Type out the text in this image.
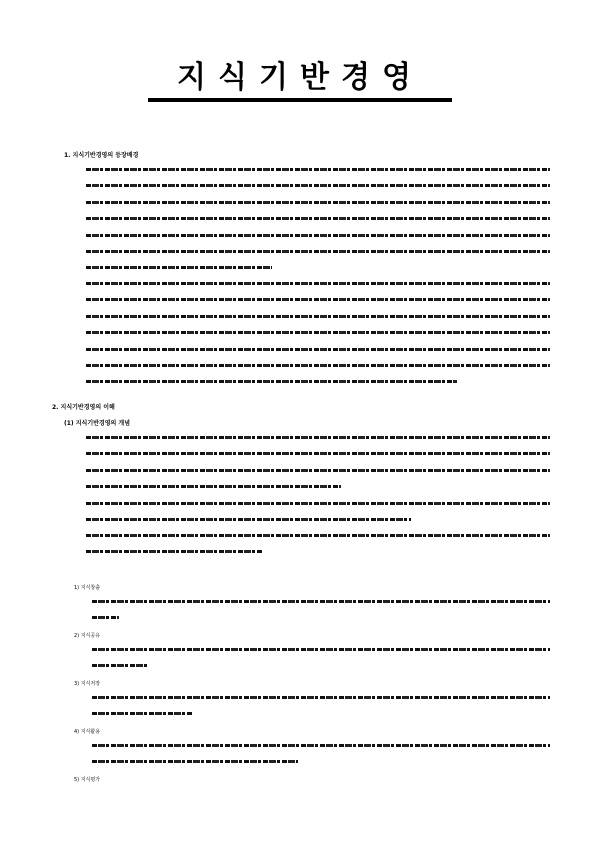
지식기반경영
1. 지식기반경영의 등장배경
2. 지식기반경영의 이해
(1) 지식기반경영의 개념
1) 지식창출
2) 지식공유
3) 지식저장
4) 지식활용
5) 지식평가
